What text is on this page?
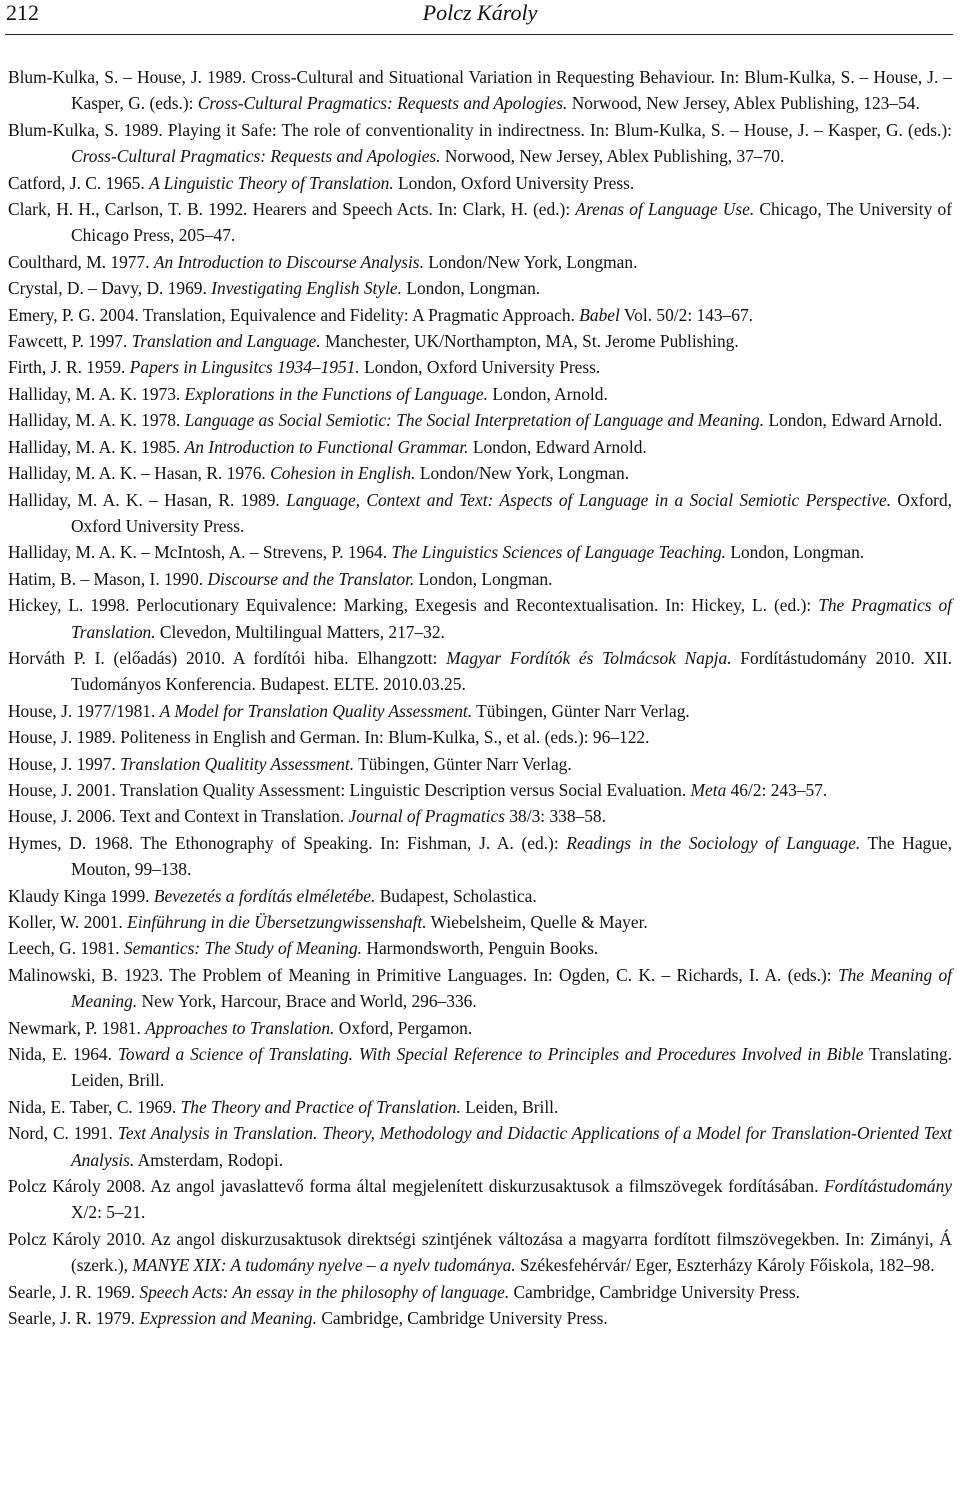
212	Polcz Károly
Blum-Kulka, S. – House, J. 1989. Cross-Cultural and Situational Variation in Requesting Behaviour. In: Blum-Kulka, S. – House, J. – Kasper, G. (eds.): Cross-Cultural Pragmatics: Requests and Apologies. Norwood, New Jersey, Ablex Publishing, 123–54.
Blum-Kulka, S. 1989. Playing it Safe: The role of conventionality in indirectness. In: Blum-Kulka, S. – House, J. – Kasper, G. (eds.): Cross-Cultural Pragmatics: Requests and Apologies. Norwood, New Jersey, Ablex Publishing, 37–70.
Catford, J. C. 1965. A Linguistic Theory of Translation. London, Oxford University Press.
Clark, H. H., Carlson, T. B. 1992. Hearers and Speech Acts. In: Clark, H. (ed.): Arenas of Language Use. Chicago, The University of Chicago Press, 205–47.
Coulthard, M. 1977. An Introduction to Discourse Analysis. London/New York, Longman.
Crystal, D. – Davy, D. 1969. Investigating English Style. London, Longman.
Emery, P. G. 2004. Translation, Equivalence and Fidelity: A Pragmatic Approach. Babel Vol. 50/2: 143–67.
Fawcett, P. 1997. Translation and Language. Manchester, UK/Northampton, MA, St. Jerome Publishing.
Firth, J. R. 1959. Papers in Lingusitcs 1934–1951. London, Oxford University Press.
Halliday, M. A. K. 1973. Explorations in the Functions of Language. London, Arnold.
Halliday, M. A. K. 1978. Language as Social Semiotic: The Social Interpretation of Language and Meaning. London, Edward Arnold.
Halliday, M. A. K. 1985. An Introduction to Functional Grammar. London, Edward Arnold.
Halliday, M. A. K. – Hasan, R. 1976. Cohesion in English. London/New York, Longman.
Halliday, M. A. K. – Hasan, R. 1989. Language, Context and Text: Aspects of Language in a Social Semiotic Perspective. Oxford, Oxford University Press.
Halliday, M. A. K. – McIntosh, A. – Strevens, P. 1964. The Linguistics Sciences of Language Teaching. London, Longman.
Hatim, B. – Mason, I. 1990. Discourse and the Translator. London, Longman.
Hickey, L. 1998. Perlocutionary Equivalence: Marking, Exegesis and Recontextualisation. In: Hickey, L. (ed.): The Pragmatics of Translation. Clevedon, Multilingual Matters, 217–32.
Horváth P. I. (előadás) 2010. A fordítói hiba. Elhangzott: Magyar Fordítók és Tolmácsok Napja. Fordítástudomány 2010. XII. Tudományos Konferencia. Budapest. ELTE. 2010.03.25.
House, J. 1977/1981. A Model for Translation Quality Assessment. Tübingen, Günter Narr Verlag.
House, J. 1989. Politeness in English and German. In: Blum-Kulka, S., et al. (eds.): 96–122.
House, J. 1997. Translation Qualitity Assessment. Tübingen, Günter Narr Verlag.
House, J. 2001. Translation Quality Assessment: Linguistic Description versus Social Evaluation. Meta 46/2: 243–57.
House, J. 2006. Text and Context in Translation. Journal of Pragmatics 38/3: 338–58.
Hymes, D. 1968. The Ethonography of Speaking. In: Fishman, J. A. (ed.): Readings in the Sociology of Language. The Hague, Mouton, 99–138.
Klaudy Kinga 1999. Bevezetés a fordítás elméletébe. Budapest, Scholastica.
Koller, W. 2001. Einführung in die Übersetzungwissenshaft. Wiebelsheim, Quelle & Mayer.
Leech, G. 1981. Semantics: The Study of Meaning. Harmondsworth, Penguin Books.
Malinowski, B. 1923. The Problem of Meaning in Primitive Languages. In: Ogden, C. K. – Richards, I. A. (eds.): The Meaning of Meaning. New York, Harcour, Brace and World, 296–336.
Newmark, P. 1981. Approaches to Translation. Oxford, Pergamon.
Nida, E. 1964. Toward a Science of Translating. With Special Reference to Principles and Procedures Involved in Bible Translating. Leiden, Brill.
Nida, E. Taber, C. 1969. The Theory and Practice of Translation. Leiden, Brill.
Nord, C. 1991. Text Analysis in Translation. Theory, Methodology and Didactic Applications of a Model for Translation-Oriented Text Analysis. Amsterdam, Rodopi.
Polcz Károly 2008. Az angol javaslattevő forma által megjelenített diskurzusaktusok a filmszövegek fordításában. Fordítástudomány X/2: 5–21.
Polcz Károly 2010. Az angol diskurzusaktusok direktségi szintjének változása a magyarra fordított filmszövegekben. In: Zimányi, Á (szerk.), MANYE XIX: A tudomány nyelve – a nyelv tudománya. Székesfehérvár/ Eger, Eszterházy Károly Főiskola, 182–98.
Searle, J. R. 1969. Speech Acts: An essay in the philosophy of language. Cambridge, Cambridge University Press.
Searle, J. R. 1979. Expression and Meaning. Cambridge, Cambridge University Press.
